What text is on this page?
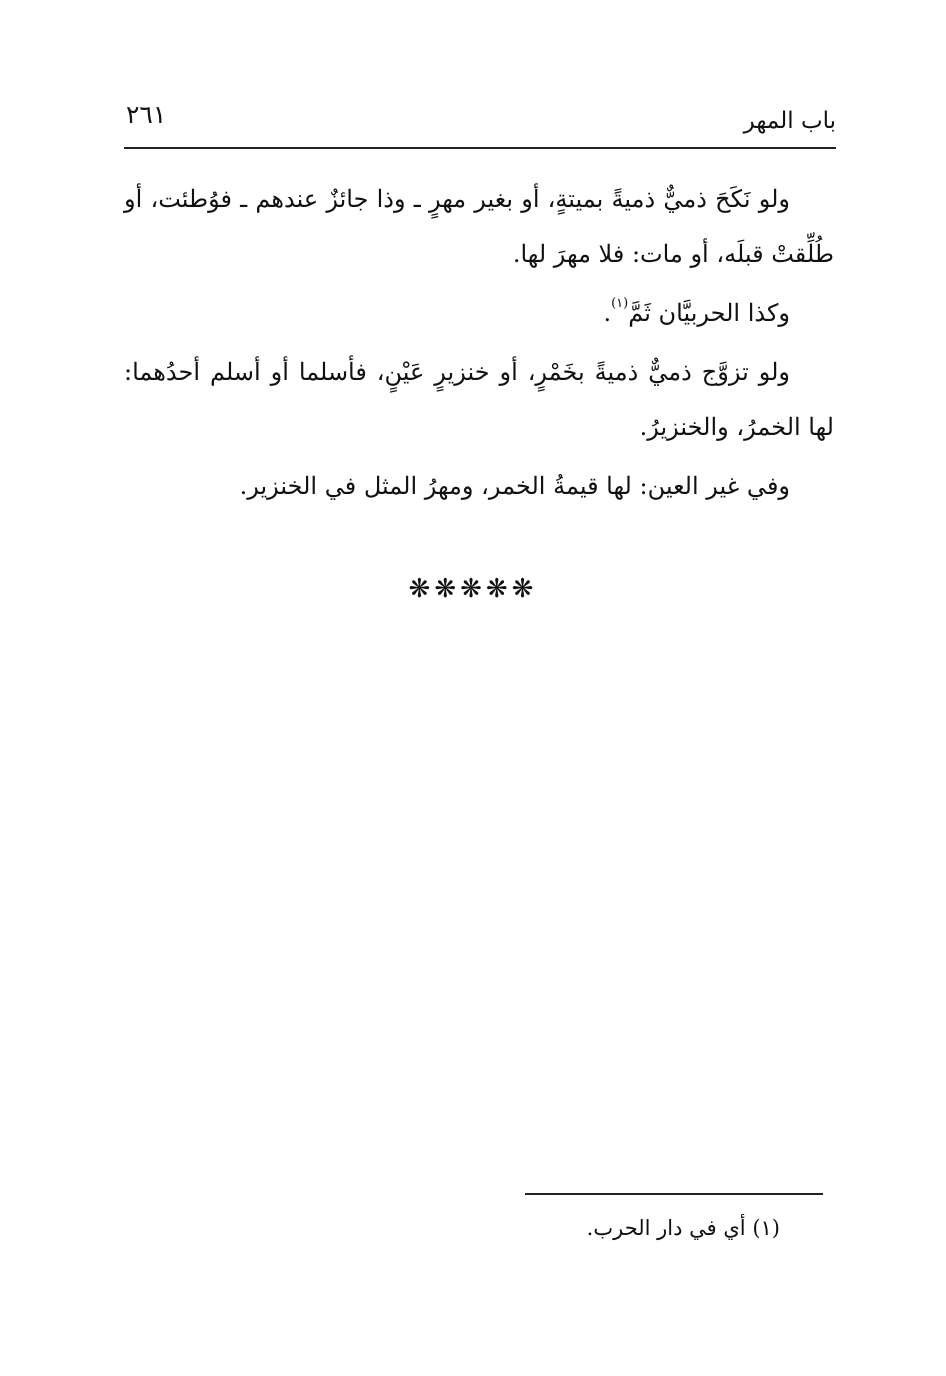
باب المهر
٢٦١

ولو نَكَحَ ذميٌّ ذميةً بميتةٍ، أو بغير مهرٍ ـ وذا جائزٌ عندهم ـ فوُطئت، أو طُلِّقتْ قبلَه، أو مات: فلا مهرَ لها.

وكذا الحربيَّان ثَمَّ$^{(١)}$.

ولو تزوَّج ذميٌّ ذميةً بخَمْرٍ، أو خنزيرٍ عَيْنٍ، فأسلما أو أسلم أحدُهما: لها الخمرُ، والخنزيرُ.

وفي غير العين: لها قيمةُ الخمر، ومهرُ المثل في الخنزير.

❋❋❋❋❋
(١) أي في دار الحرب.
